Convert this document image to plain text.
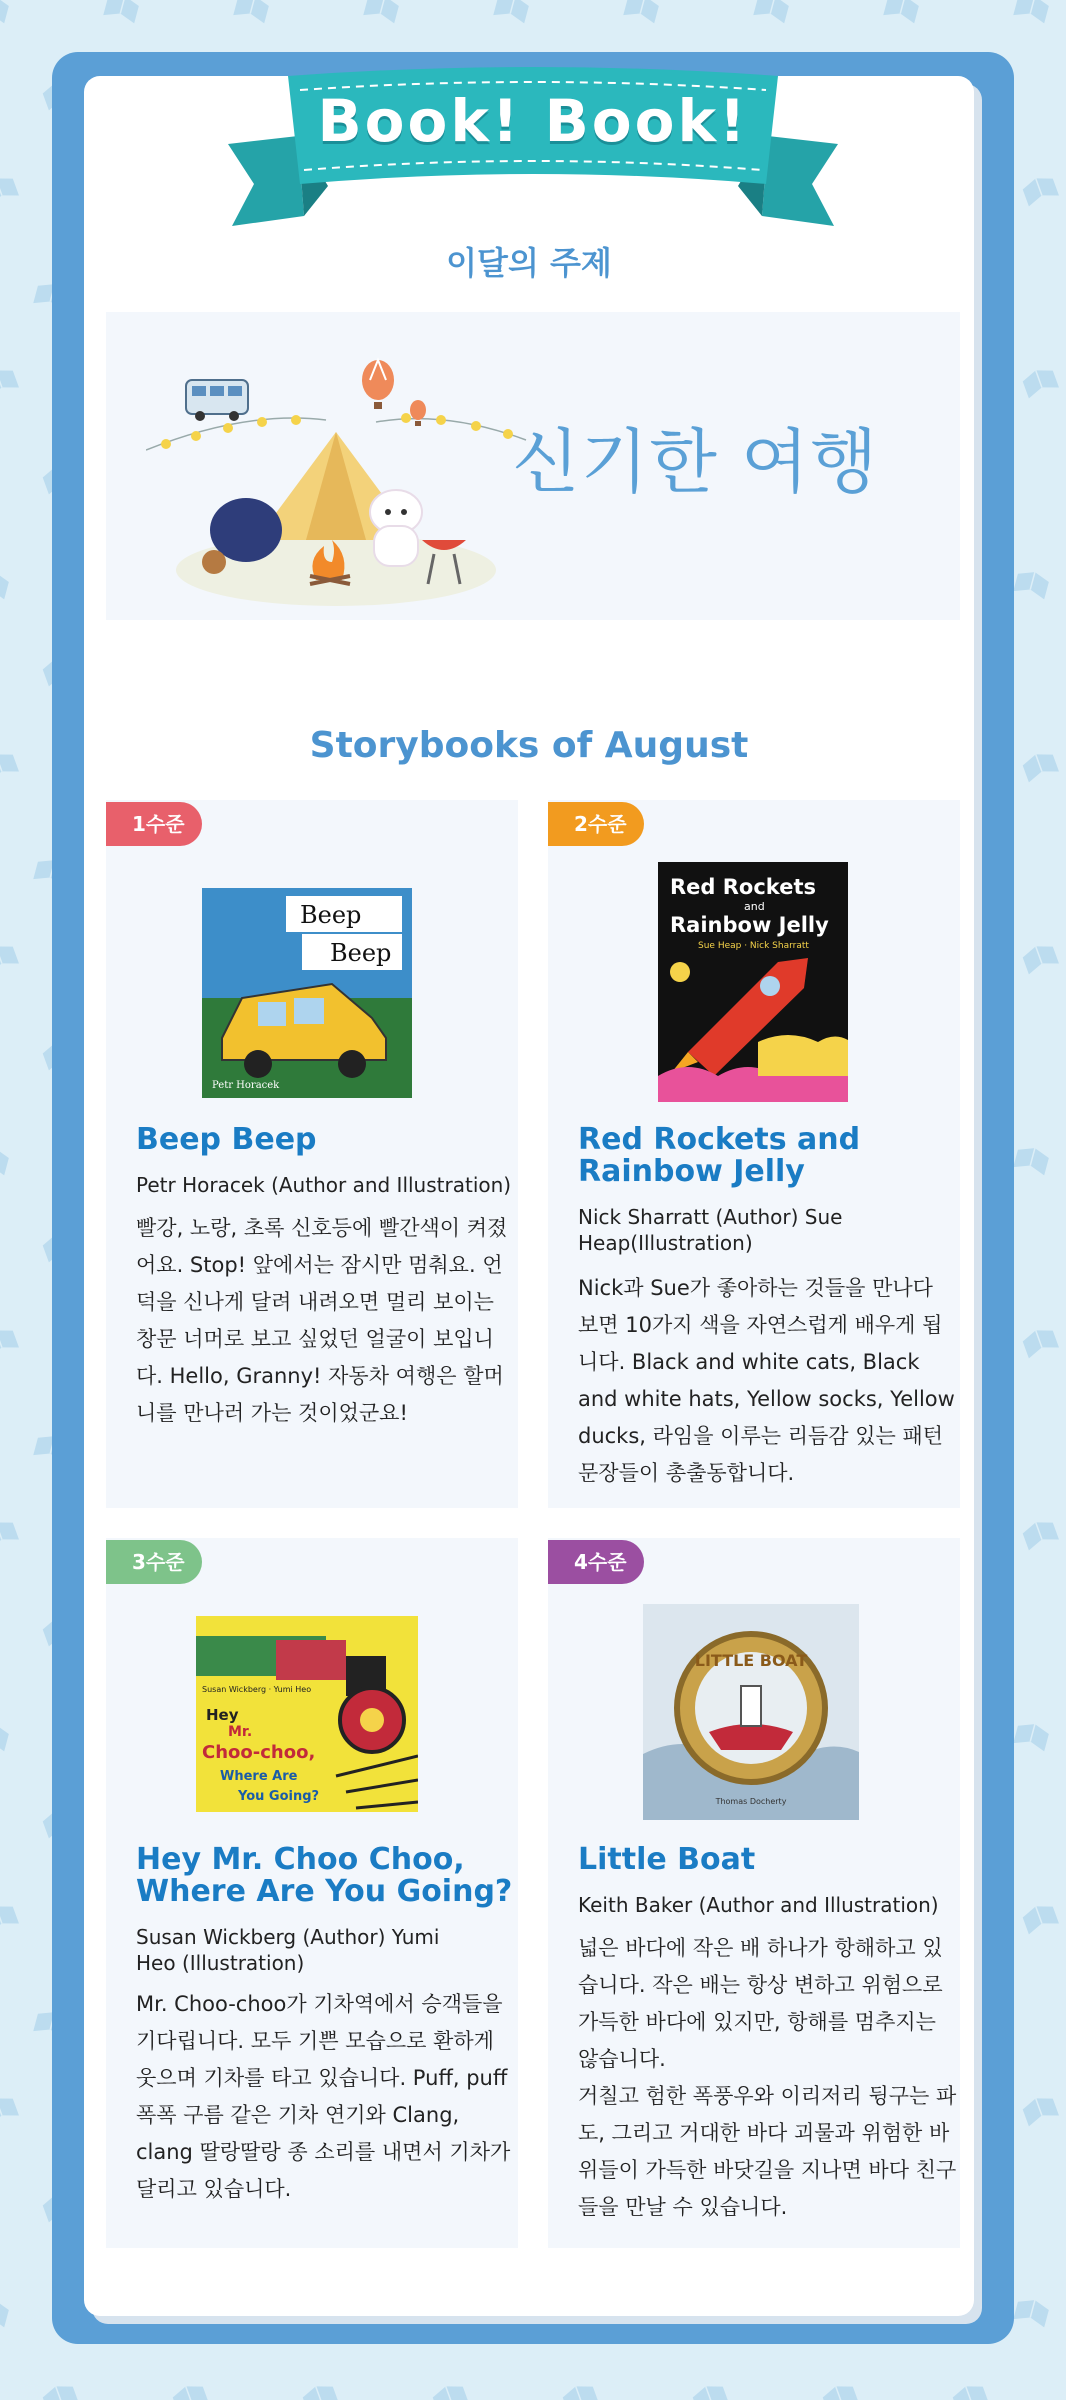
Book! Book!
이달의 주제
신기한 여행
Storybooks of August
1수준
Beep
Beep
Petr Horacek
Beep Beep
Petr Horacek (Author and Illustration)
빨강, 노랑, 초록 신호등에 빨간색이 켜졌어요. Stop! 앞에서는 잠시만 멈춰요. 언덕을 신나게 달려 내려오면 멀리 보이는 창문 너머로 보고 싶었던 얼굴이 보입니다. Hello, Granny! 자동차 여행은 할머니를 만나러 가는 것이었군요!
2수준
Red Rockets
and
Rainbow Jelly
Sue Heap · Nick Sharratt
Red Rockets and Rainbow Jelly
Nick Sharratt (Author) Sue Heap(Illustration)
Nick과 Sue가 좋아하는 것들을 만나다 보면 10가지 색을 자연스럽게 배우게 됩니다. Black and white cats, Black and white hats, Yellow socks, Yellow ducks, 라임을 이루는 리듬감 있는 패턴 문장들이 총출동합니다.
3수준
Susan Wickberg · Yumi Heo
Hey
Mr.
Choo-choo,
Where Are
You Going?
Hey Mr. Choo Choo, Where Are You Going?
Susan Wickberg (Author) Yumi Heo (Illustration)
Mr. Choo-choo가 기차역에서 승객들을 기다립니다. 모두 기쁜 모습으로 환하게 웃으며 기차를 타고 있습니다. Puff, puff 폭폭 구름 같은 기차 연기와 Clang, clang 딸랑딸랑 종 소리를 내면서 기차가 달리고 있습니다.
4수준
LITTLE BOAT
Thomas Docherty
Little Boat
Keith Baker (Author and Illustration)
넓은 바다에 작은 배 하나가 항해하고 있습니다. 작은 배는 항상 변하고 위험으로 가득한 바다에 있지만, 항해를 멈추지는 않습니다.
거칠고 험한 폭풍우와 이리저리 뒹구는 파도, 그리고 거대한 바다 괴물과 위험한 바위들이 가득한 바닷길을 지나면 바다 친구들을 만날 수 있습니다.
